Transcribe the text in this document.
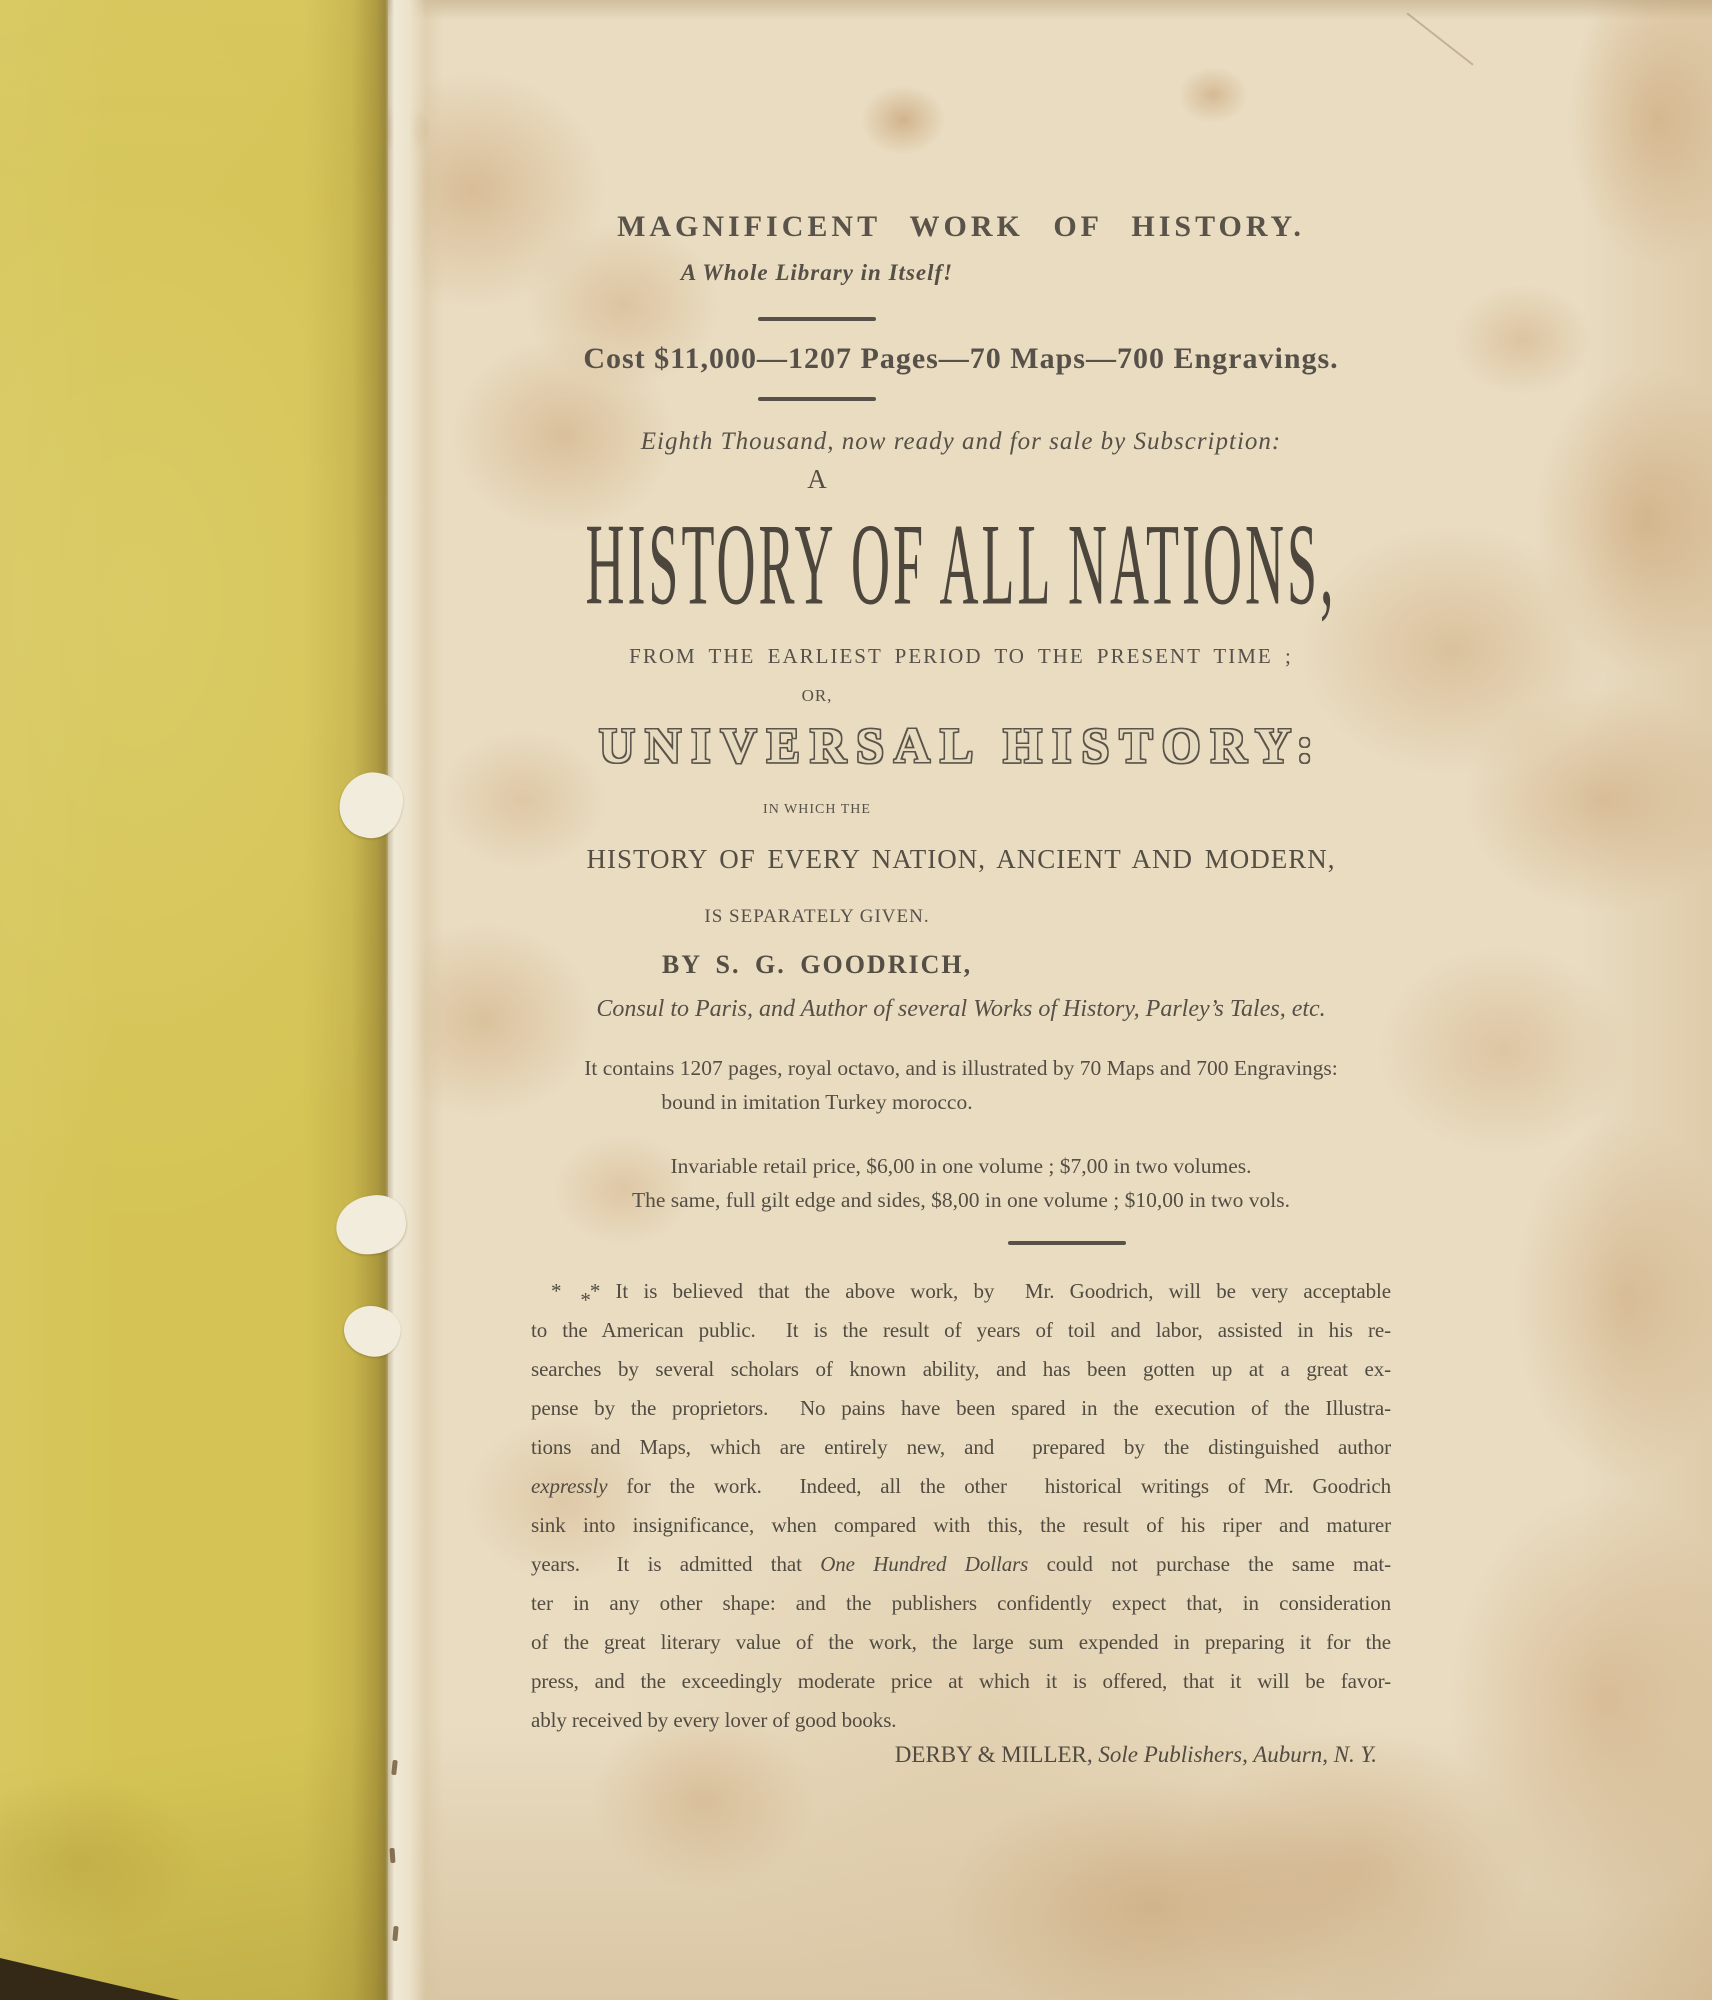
MAGNIFICENT WORK OF HISTORY.
A Whole Library in Itself!
Cost $11,000—1207 Pages—70 Maps—700 Engravings.
Eighth Thousand, now ready and for sale by Subscription:
A
HISTORY OF ALL NATIONS,
FROM THE EARLIEST PERIOD TO THE PRESENT TIME ;
OR,
UNIVERSAL HISTORY:
IN WHICH THE
HISTORY OF EVERY NATION, ANCIENT AND MODERN,
IS SEPARATELY GIVEN.
BY S. G. GOODRICH,
Consul to Paris, and Author of several Works of History, Parley’s Tales, etc.
It contains 1207 pages, royal octavo, and is illustrated by 70 Maps and 700 Engravings:
bound in imitation Turkey morocco.
Invariable retail price, $6,00 in one volume ; $7,00 in two volumes.
The same, full gilt edge and sides, $8,00 in one volume ; $10,00 in two vols.
* ** It is believed that the above work, by  Mr. Goodrich, will be very acceptable
to the American public.  It is the result of years of toil and labor, assisted in his re-
searches by several scholars of known ability, and has been gotten up at a great ex-
pense by the proprietors.  No pains have been spared in the execution of the Illustra-
tions and Maps, which are entirely new, and  prepared by the distinguished author
expressly for the work.  Indeed, all the other  historical writings of Mr. Goodrich
sink into insignificance, when compared with this, the result of his riper and maturer
years.  It is admitted that One Hundred Dollars could not purchase the same mat-
ter in any other shape: and the publishers confidently expect that, in consideration
of the great literary value of the work, the large sum expended in preparing it for the
press, and the exceedingly moderate price at which it is offered, that it will be favor-
ably received by every lover of good books.
DERBY & MILLER, Sole Publishers, Auburn, N. Y.
